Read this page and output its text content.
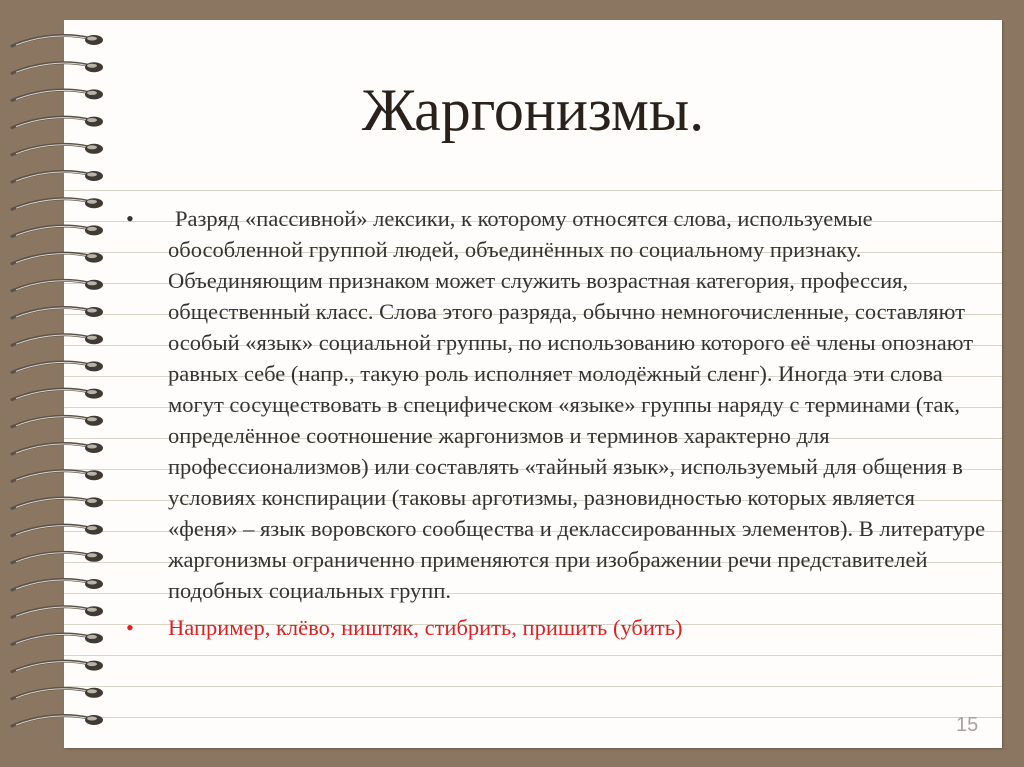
Жаргонизмы.
•	Разряд «пассивной» лексики, к которому относятся слова, используемые обособленной группой людей, объединённых по социальному признаку. Объединяющим признаком может служить возрастная категория, профессия, общественный класс. Слова этого разряда, обычно немногочисленные, составляют особый «язык» социальной группы, по использованию которого её члены опознают равных себе (напр., такую роль исполняет молодёжный сленг). Иногда эти слова могут сосуществовать в специфическом «языке» группы наряду с терминами (так, определённое соотношение жаргонизмов и терминов характерно для профессионализмов) или составлять «тайный язык», используемый для общения в условиях конспирации (таковы арготизмы, разновидностью которых является «феня» – язык воровского сообщества и деклассированных элементов). В литературе жаргонизмы ограниченно применяются при изображении речи представителей подобных социальных групп.
• Например, клёво, ништяк, стибрить, пришить (убить)
15
